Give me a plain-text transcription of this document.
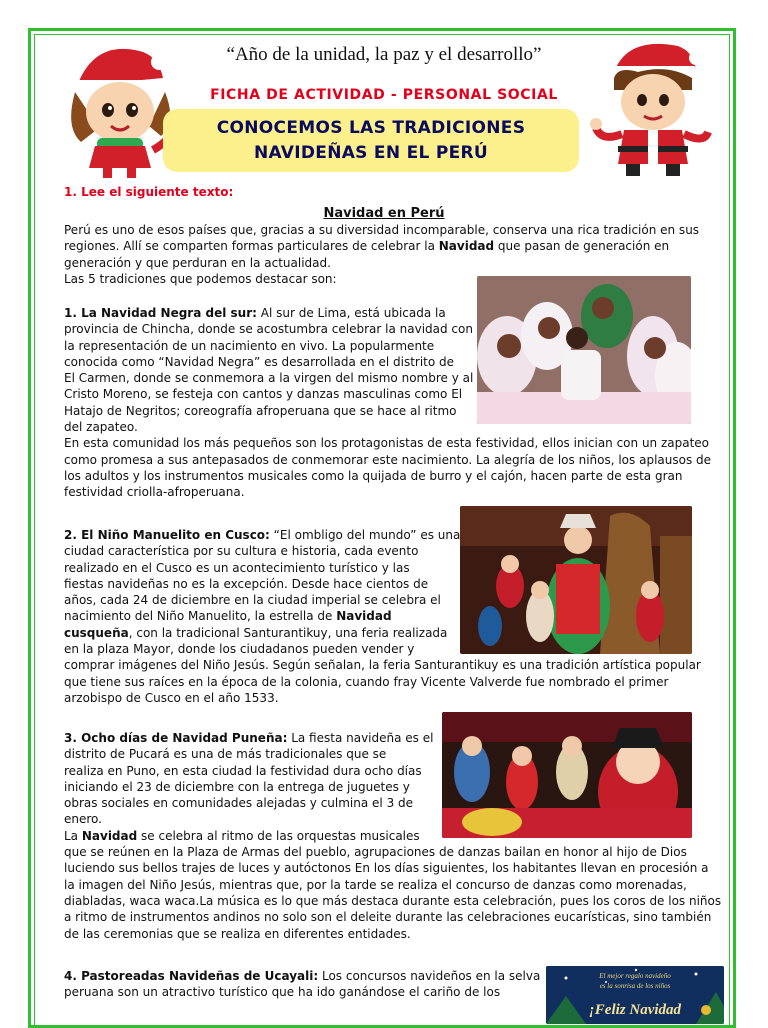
“Año de la unidad, la paz y el desarrollo”
FICHA DE ACTIVIDAD - PERSONAL SOCIAL
CONOCEMOS LAS TRADICIONES
NAVIDEÑAS EN EL PERÚ
1. Lee el siguiente texto:
Navidad en Perú
Perú es uno de esos países que, gracias a su diversidad incomparable, conserva una rica tradición en sus
regiones. Allí se comparten formas particulares de celebrar la Navidad que pasan de generación en
generación y que perduran en la actualidad.
Las 5 tradiciones que podemos destacar son:
1. La Navidad Negra del sur: Al sur de Lima, está ubicada la
provincia de Chincha, donde se acostumbra celebrar la navidad con
la representación de un nacimiento en vivo. La popularmente
conocida como “Navidad Negra” es desarrollada en el distrito de
El Carmen, donde se conmemora a la virgen del mismo nombre y al
Cristo Moreno, se festeja con cantos y danzas masculinas como El
Hatajo de Negritos; coreografía afroperuana que se hace al ritmo
del zapateo.
En esta comunidad los más pequeños son los protagonistas de esta festividad, ellos inician con un zapateo
como promesa a sus antepasados de conmemorar este nacimiento. La alegría de los niños, los aplausos de
los adultos y los instrumentos musicales como la quijada de burro y el cajón, hacen parte de esta gran
festividad criolla-afroperuana.
2. El Niño Manuelito en Cusco: “El ombligo del mundo” es una
ciudad característica por su cultura e historia, cada evento
realizado en el Cusco es un acontecimiento turístico y las
fiestas navideñas no es la excepción. Desde hace cientos de
años, cada 24 de diciembre en la ciudad imperial se celebra el
nacimiento del Niño Manuelito, la estrella de Navidad
cusqueña, con la tradicional Santurantikuy, una feria realizada
en la plaza Mayor, donde los ciudadanos pueden vender y
comprar imágenes del Niño Jesús. Según señalan, la feria Santurantikuy es una tradición artística popular
que tiene sus raíces en la época de la colonia, cuando fray Vicente Valverde fue nombrado el primer
arzobispo de Cusco en el año 1533.
3. Ocho días de Navidad Puneña: La fiesta navideña es el
distrito de Pucará es una de más tradicionales que se
realiza en Puno, en esta ciudad la festividad dura ocho días
iniciando el 23 de diciembre con la entrega de juguetes y
obras sociales en comunidades alejadas y culmina el 3 de
enero.
La Navidad se celebra al ritmo de las orquestas musicales
que se reúnen en la Plaza de Armas del pueblo, agrupaciones de danzas bailan en honor al hijo de Dios
luciendo sus bellos trajes de luces y autóctonos En los días siguientes, los habitantes llevan en procesión a
la imagen del Niño Jesús, mientras que, por la tarde se realiza el concurso de danzas como morenadas,
diabladas, waca waca.La música es lo que más destaca durante esta celebración, pues los coros de los niños
a ritmo de instrumentos andinos no solo son el deleite durante las celebraciones eucarísticas, sino también
de las ceremonias que se realiza en diferentes entidades.
4. Pastoreadas Navideñas de Ucayali: Los concursos navideños en la selva
peruana son un atractivo turístico que ha ido ganándose el cariño de los
El mejor regalo navideño
es la sonrisa de los niños
¡Feliz Navidad
